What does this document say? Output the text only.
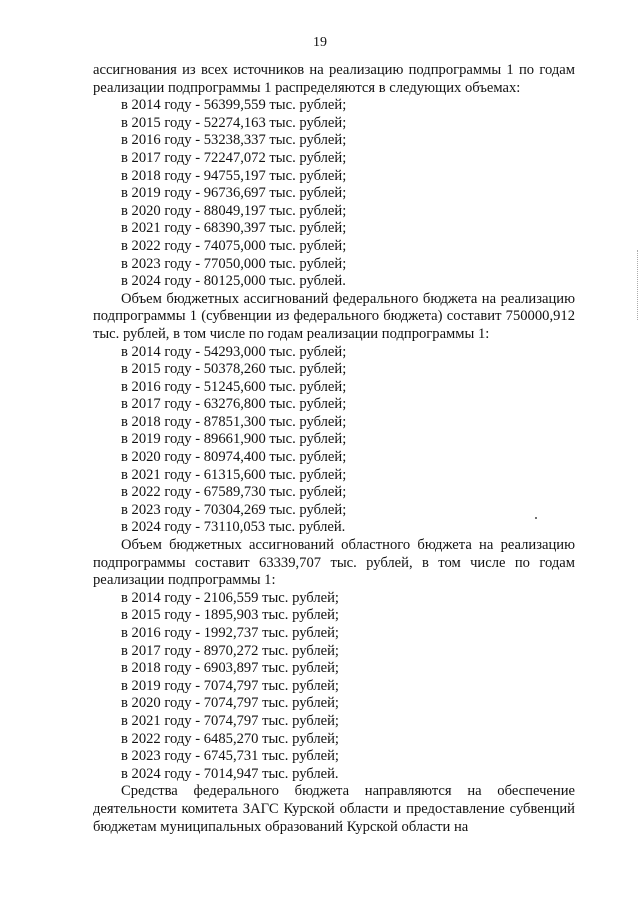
19

ассигнования из всех источников на реализацию подпрограммы 1 по годам реализации подпрограммы 1 распределяются в следующих объемах:

в 2014 году - 56399,559 тыс. рублей;

в 2015 году - 52274,163 тыс. рублей;

в 2016 году - 53238,337 тыс. рублей;

в 2017 году - 72247,072 тыс. рублей;

в 2018 году - 94755,197 тыс. рублей;

в 2019 году - 96736,697 тыс. рублей;

в 2020 году - 88049,197 тыс. рублей;

в 2021 году - 68390,397 тыс. рублей;

в 2022 году - 74075,000 тыс. рублей;

в 2023 году - 77050,000 тыс. рублей;

в 2024 году - 80125,000 тыс. рублей.

Объем бюджетных ассигнований федерального бюджета на реализацию подпрограммы 1 (субвенции из федерального бюджета) составит 750000,912 тыс. рублей, в том числе по годам реализации подпрограммы 1:

в 2014 году - 54293,000 тыс. рублей;

в 2015 году - 50378,260 тыс. рублей;

в 2016 году - 51245,600 тыс. рублей;

в 2017 году - 63276,800 тыс. рублей;

в 2018 году - 87851,300 тыс. рублей;

в 2019 году - 89661,900 тыс. рублей;

в 2020 году - 80974,400 тыс. рублей;

в 2021 году - 61315,600 тыс. рублей;

в 2022 году - 67589,730 тыс. рублей;

в 2023 году - 70304,269 тыс. рублей;

в 2024 году - 73110,053 тыс. рублей.

Объем бюджетных ассигнований областного бюджета на реализацию подпрограммы составит 63339,707 тыс. рублей, в том числе по годам реализации подпрограммы 1:

в 2014 году - 2106,559 тыс. рублей;

в 2015 году - 1895,903 тыс. рублей;

в 2016 году - 1992,737 тыс. рублей;

в 2017 году - 8970,272 тыс. рублей;

в 2018 году - 6903,897 тыс. рублей;

в 2019 году - 7074,797 тыс. рублей;

в 2020 году - 7074,797 тыс. рублей;

в 2021 году - 7074,797 тыс. рублей;

в 2022 году - 6485,270 тыс. рублей;

в 2023 году - 6745,731 тыс. рублей;

в 2024 году - 7014,947 тыс. рублей.

Средства федерального бюджета направляются на обеспечение деятельности комитета ЗАГС Курской области и предоставление субвенций бюджетам муниципальных образований Курской области на
